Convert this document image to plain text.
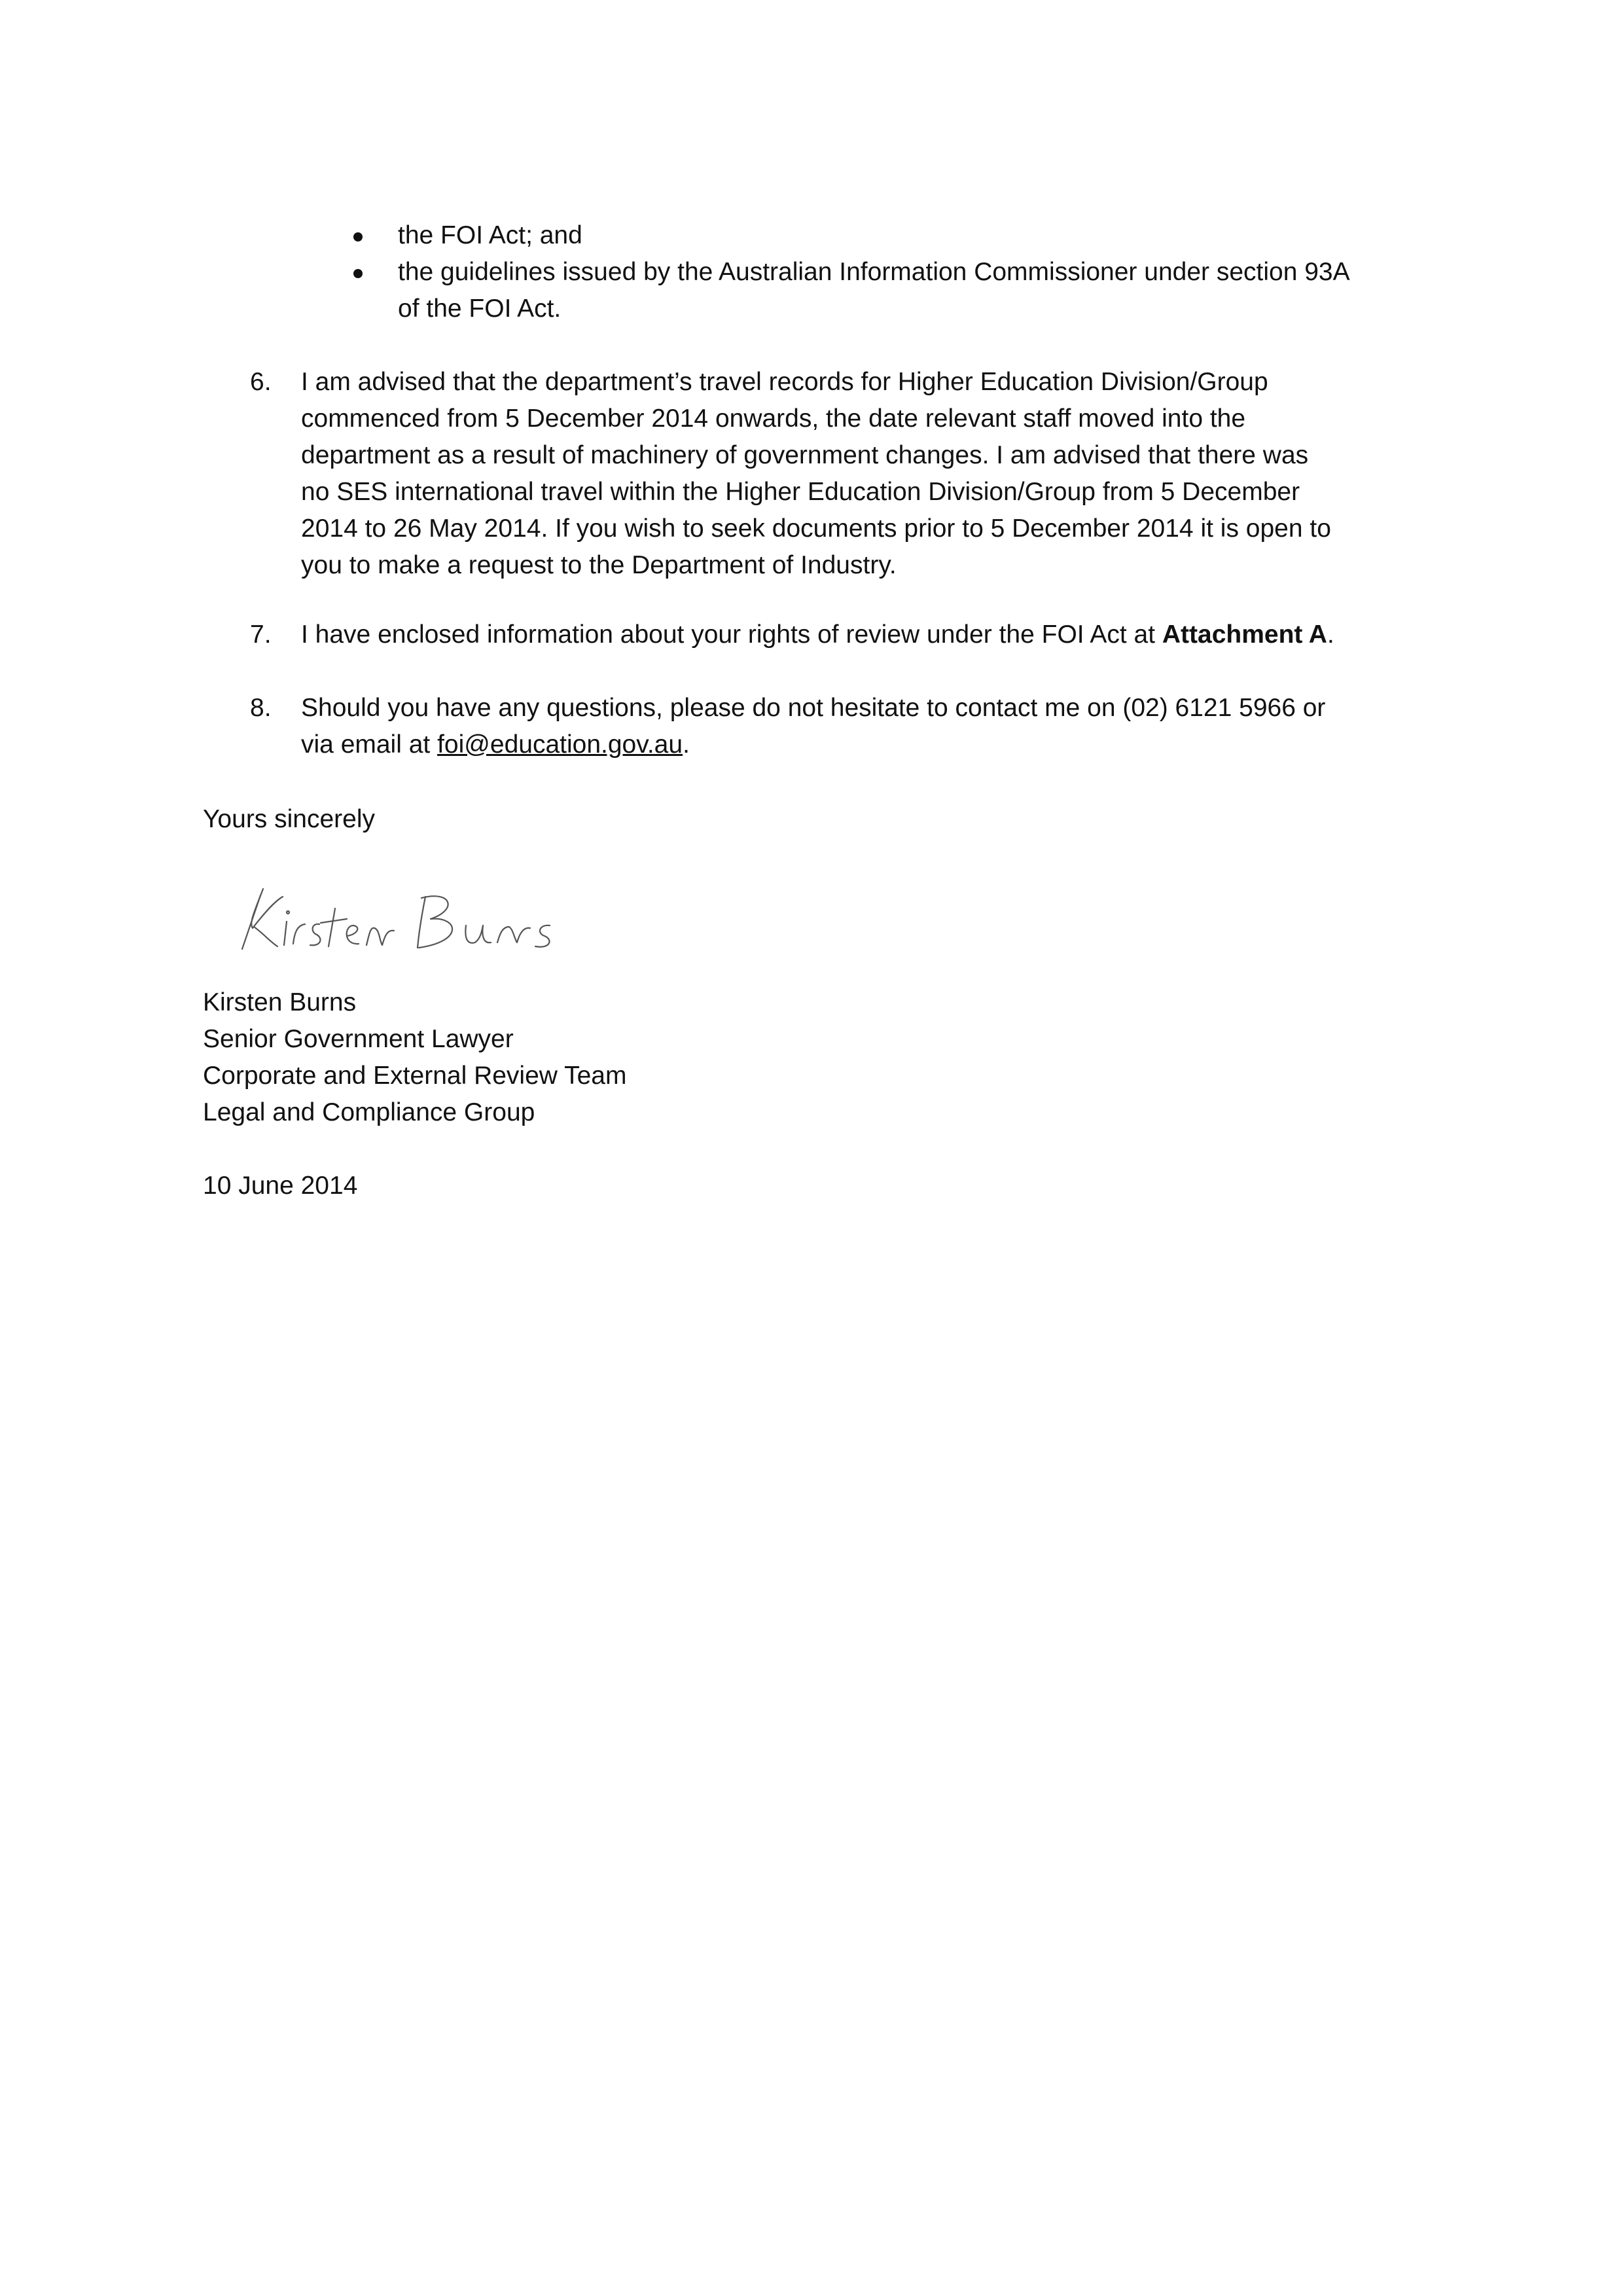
the FOI Act; and
the guidelines issued by the Australian Information Commissioner under section 93A
of the FOI Act.
6. I am advised that the department’s travel records for Higher Education Division/Group
commenced from 5 December 2014 onwards, the date relevant staff moved into the
department as a result of machinery of government changes. I am advised that there was
no SES international travel within the Higher Education Division/Group from 5 December
2014 to 26 May 2014. If you wish to seek documents prior to 5 December 2014 it is open to
you to make a request to the Department of Industry.
7. I have enclosed information about your rights of review under the FOI Act at Attachment A.
8. Should you have any questions, please do not hesitate to contact me on (02) 6121 5966 or
via email at foi@education.gov.au.
Yours sincerely
Kirsten Burns
Senior Government Lawyer
Corporate and External Review Team
Legal and Compliance Group
10 June 2014
